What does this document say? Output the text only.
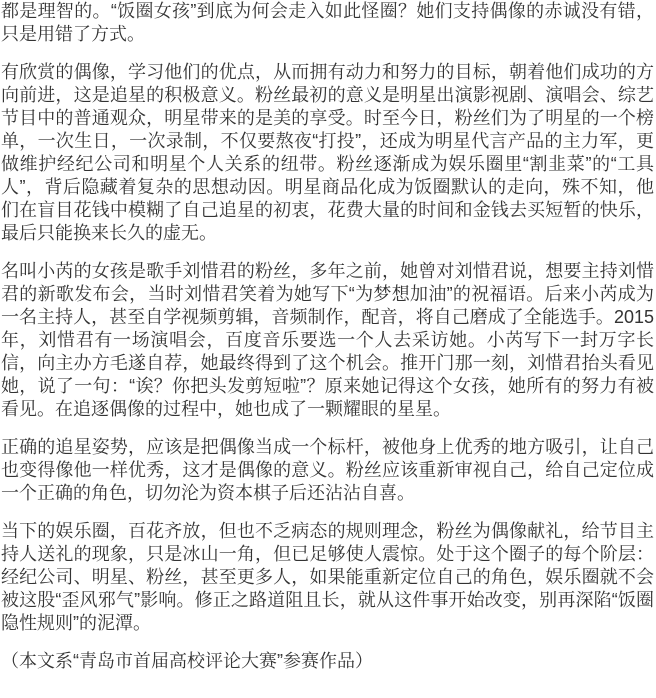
都是理智的。“饭圈女孩”到底为何会走入如此怪圈？她们支持偶像的赤诚没有错，只是用错了方式。

有欣赏的偶像，学习他们的优点，从而拥有动力和努力的目标，朝着他们成功的方向前进，这是追星的积极意义。粉丝最初的意义是明星出演影视剧、演唱会、综艺节目中的普通观众，明星带来的是美的享受。时至今日，粉丝们为了明星的一个榜单，一次生日，一次录制，不仅要熬夜“打投”，还成为明星代言产品的主力军，更做维护经纪公司和明星个人关系的纽带。粉丝逐渐成为娱乐圈里“割韭菜”的“工具人”，背后隐藏着复杂的思想动因。明星商品化成为饭圈默认的走向，殊不知，他们在盲目花钱中模糊了自己追星的初衷，花费大量的时间和金钱去买短暂的快乐，最后只能换来长久的虚无。

名叫小芮的女孩是歌手刘惜君的粉丝，多年之前，她曾对刘惜君说，想要主持刘惜君的新歌发布会，当时刘惜君笑着为她写下“为梦想加油”的祝福语。后来小芮成为一名主持人，甚至自学视频剪辑，音频制作，配音，将自己磨成了全能选手。2015年，刘惜君有一场演唱会，百度音乐要选一个人去采访她。小芮写下一封万字长信，向主办方毛遂自荐，她最终得到了这个机会。推开门那一刻，刘惜君抬头看见她，说了一句：“诶？你把头发剪短啦”？原来她记得这个女孩，她所有的努力有被看见。在追逐偶像的过程中，她也成了一颗耀眼的星星。

正确的追星姿势，应该是把偶像当成一个标杆，被他身上优秀的地方吸引，让自己也变得像他一样优秀，这才是偶像的意义。粉丝应该重新审视自己，给自己定位成一个正确的角色，切勿沦为资本棋子后还沾沾自喜。

当下的娱乐圈，百花齐放，但也不乏病态的规则理念，粉丝为偶像献礼，给节目主持人送礼的现象，只是冰山一角，但已足够使人震惊。处于这个圈子的每个阶层：经纪公司、明星、粉丝，甚至更多人，如果能重新定位自己的角色，娱乐圈就不会被这股“歪风邪气”影响。修正之路道阻且长，就从这件事开始改变，别再深陷“饭圈隐性规则”的泥潭。

（本文系“青岛市首届高校评论大赛”参赛作品）
